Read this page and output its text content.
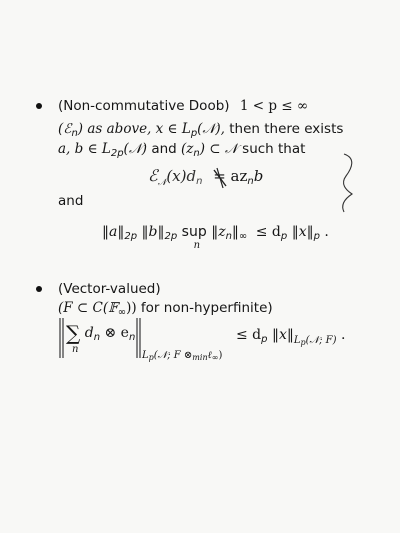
(Non-commutative Doob) 1 < p ≤ ∞
(ℰ$_n$) as above, x ∈ $L_p(𝒩)$, then there exists
a, b ∈ $L_{2p}(𝒩)$ and $(z_n)$ ⊂ 𝒩 such that
$ℰ_𝒩(x)d_n = az_nb$
and
$‖a‖_{2p}$ $‖b‖_{2p}$ sup
n
$‖z_n‖_\infty \le d_p$ $‖x‖_p$ .
(Vector-valued)
(F ⊂ C(𝔽$_\infty$)) for non-hyperfinite)
∑ $d_n$ ⊗ $e_n$
n
$L_p(𝒩$; F $\otimes_{min}\ell_\infty$)
≤ $d_p$ $‖x‖_{L_p(𝒩; F)}$ .
